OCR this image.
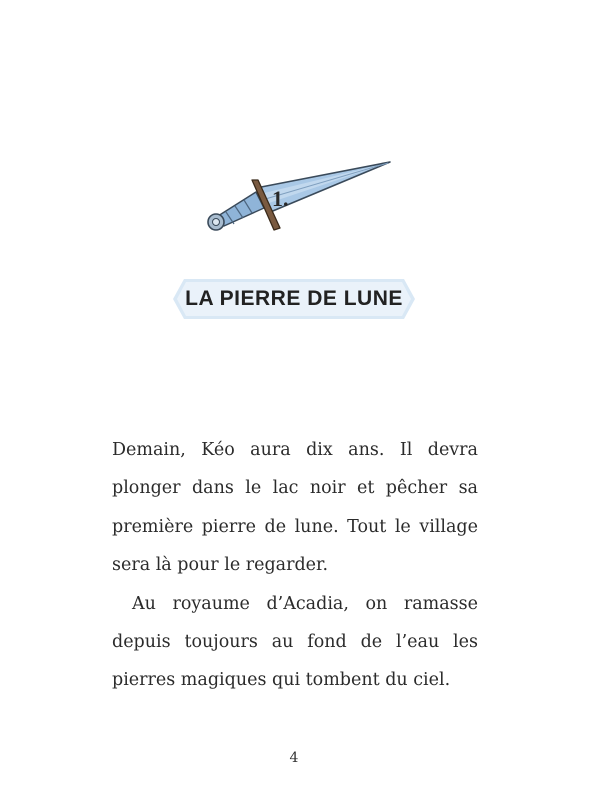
1.
LA PIERRE DE LUNE

Demain, Kéo aura dix ans. Il devra plonger dans le lac noir et pêcher sa première pierre de lune. Tout le village sera là pour le regarder.

Au royaume d’Acadia, on ramasse depuis toujours au fond de l’eau les pierres magiques qui tombent du ciel.

4
